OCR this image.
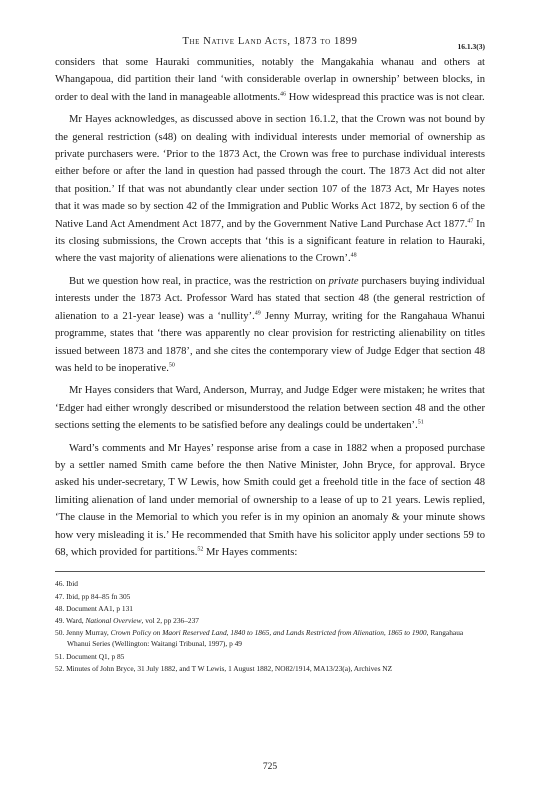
The Native Land Acts, 1873 to 1899	16.1.3(3)

considers that some Hauraki communities, notably the Mangakahia whanau and others at Whangapoua, did partition their land ‘with considerable overlap in ownership’ between blocks, in order to deal with the land in manageable allotments.$^{46}$ How widespread this practice was is not clear.

Mr Hayes acknowledges, as discussed above in section 16.1.2, that the Crown was not bound by the general restriction (s48) on dealing with individual interests under memorial of ownership as private purchasers were. ‘Prior to the 1873 Act, the Crown was free to purchase individual interests either before or after the land in question had passed through the court. The 1873 Act did not alter that position.’ If that was not abundantly clear under section 107 of the 1873 Act, Mr Hayes notes that it was made so by section 42 of the Immigration and Public Works Act 1872, by section 6 of the Native Land Act Amendment Act 1877, and by the Government Native Land Purchase Act 1877.47 In its closing submissions, the Crown accepts that ‘this is a significant feature in relation to Hauraki, where the vast majority of alienations were alienations to the Crown’.$^{48}$

But we question how real, in practice, was the restriction on private purchasers buying individual interests under the 1873 Act. Professor Ward has stated that section 48 (the general restriction of alienation to a 21-year lease) was a ‘nullity’.$^{49}$ Jenny Murray, writing for the Rangahaua Whanui programme, states that ‘there was apparently no clear provision for restricting alienability on titles issued between 1873 and 1878’, and she cites the contemporary view of Judge Edger that section 48 was held to be inoperative.$^{50}$

Mr Hayes considers that Ward, Anderson, Murray, and Judge Edger were mistaken; he writes that ‘Edger had either wrongly described or misunderstood the relation between section 48 and the other sections setting the elements to be satisfied before any dealings could be undertaken’.$^{51}$

Ward’s comments and Mr Hayes’ response arise from a case in 1882 when a proposed purchase by a settler named Smith came before the then Native Minister, John Bryce, for approval. Bryce asked his under-secretary, T W Lewis, how Smith could get a freehold title in the face of section 48 limiting alienation of land under memorial of ownership to a lease of up to 21 years. Lewis replied, ‘The clause in the Memorial to which you refer is in my opinion an anomaly & your minute shows how very misleading it is.’ He recommended that Smith have his solicitor apply under sections 59 to 68, which provided for partitions.$^{52}$ Mr Hayes comments:

46. Ibid
47. Ibid, pp 84–85 fn 305
48. Document AA1, p 131
49. Ward, National Overview, vol 2, pp 236–237
50. Jenny Murray, Crown Policy on Maori Reserved Land, 1840 to 1865, and Lands Restricted from Alienation, 1865 to 1900, Rangahaua Whanui Series (Wellington: Waitangi Tribunal, 1997), p 49
51. Document Q1, p 85
52. Minutes of John Bryce, 31 July 1882, and T W Lewis, 1 August 1882, NO82/1914, MA13/23(a), Archives NZ
725
